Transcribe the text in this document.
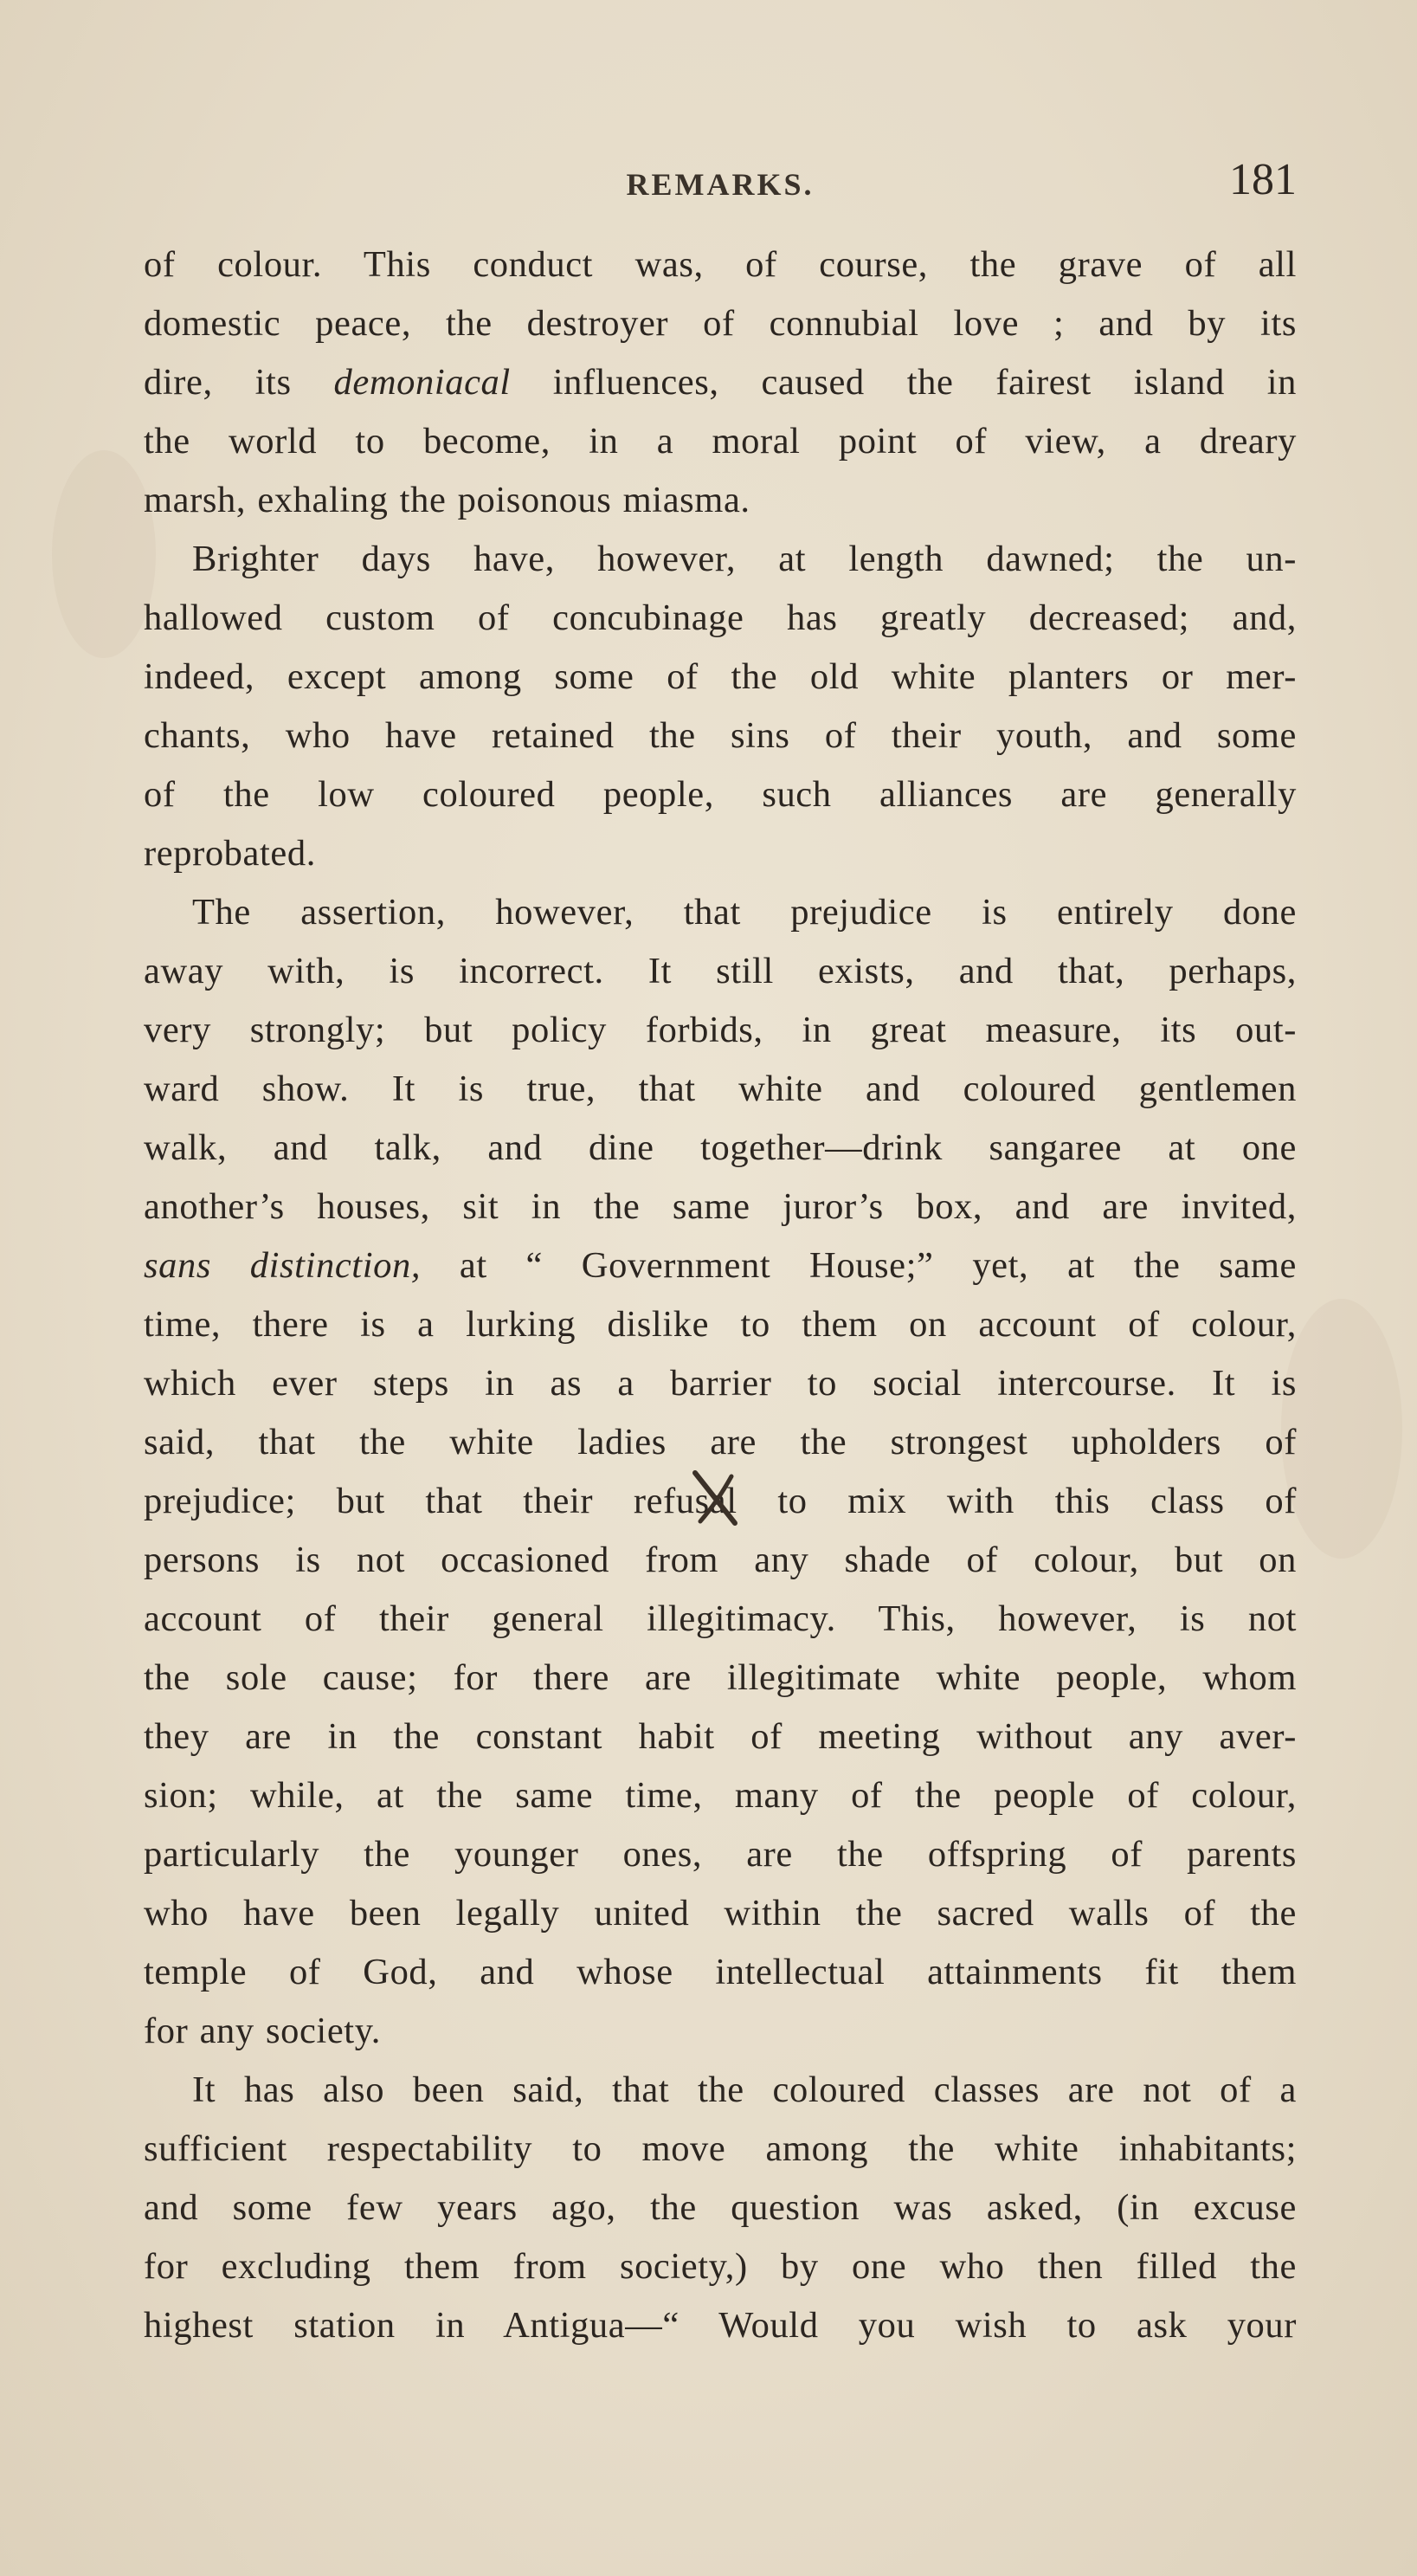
REMARKS.	181
of colour. This conduct was, of course, the grave of all
domestic peace, the destroyer of connubial love ; and by its
dire, its demoniacal influences, caused the fairest island in
the world to become, in a moral point of view, a dreary
marsh, exhaling the poisonous miasma.
Brighter days have, however, at length dawned; the un-
hallowed custom of concubinage has greatly decreased; and,
indeed, except among some of the old white planters or mer-
chants, who have retained the sins of their youth, and some
of the low coloured people, such alliances are generally
reprobated.
The assertion, however, that prejudice is entirely done
away with, is incorrect. It still exists, and that, perhaps,
very strongly; but policy forbids, in great measure, its out-
ward show. It is true, that white and coloured gentlemen
walk, and talk, and dine together—drink sangaree at one
another’s houses, sit in the same juror’s box, and are invited,
sans distinction, at “ Government House;” yet, at the same
time, there is a lurking dislike to them on account of colour,
which ever steps in as a barrier to social intercourse. It is
said, that the white ladies are the strongest upholders of
prejudice; but that their refusal to mix with this class of
persons is not occasioned from any shade of colour, but on
account of their general illegitimacy. This, however, is not
the sole cause; for there are illegitimate white people, whom
they are in the constant habit of meeting without any aver-
sion; while, at the same time, many of the people of colour,
particularly the younger ones, are the offspring of parents
who have been legally united within the sacred walls of the
temple of God, and whose intellectual attainments fit them
for any society.
It has also been said, that the coloured classes are not of a
sufficient respectability to move among the white inhabitants;
and some few years ago, the question was asked, (in excuse
for excluding them from society,) by one who then filled the
highest station in Antigua—“ Would you wish to ask your
